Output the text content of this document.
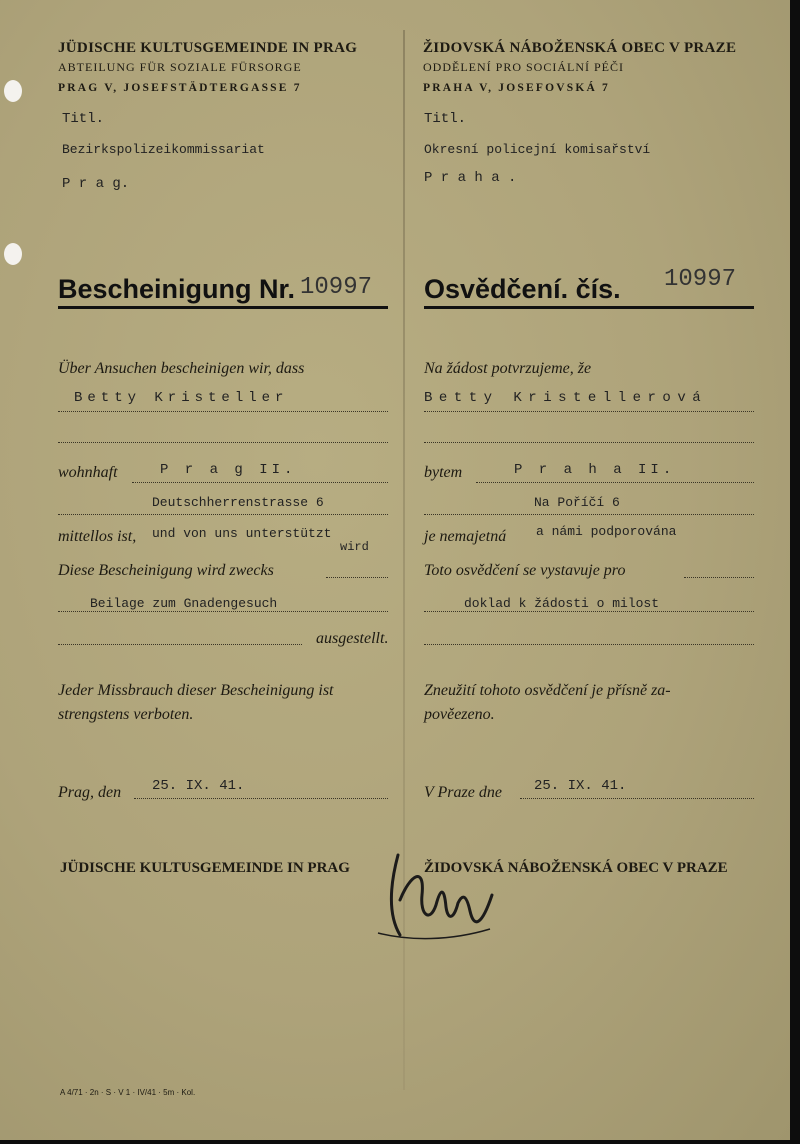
JÜDISCHE KULTUSGEMEINDE IN PRAG
ABTEILUNG FÜR SOZIALE FÜRSORGE
PRAG V, JOSEFSTÄDTERGASSE 7
Titl.
Bezirkspolizeikommissariat
P r a g.
ŽIDOVSKÁ NÁBOŽENSKÁ OBEC V PRAZE
ODDĚLENÍ PRO SOCIÁLNÍ PÉČI
PRAHA V, JOSEFOVSKÁ 7
Titl.
Okresní policejní komisařství
P r a h a .
Bescheinigung Nr. 10997 Osvědčení. čís. 10997
Über Ansuchen bescheinigen wir, dass
Betty Kristeller
Na žádost potvrzujeme, že
Betty Kristellerová
wohnhaft	P r a g II.
Deutschherrenstrasse 6
bytem	P r a h a II.
Na Poříčí 6
mittellos ist, und von uns unterstützt
wird
je nemajetná a námi podporována
Diese Bescheinigung wird zwecks
Beilage zum Gnadengesuch
ausgestellt.
Toto osvědčení se vystavuje pro
doklad k žádosti o milost
Jeder Missbrauch dieser Bescheinigung ist
strengstens verboten.
Zneužití tohoto osvědčení je přísně za-
pověezeno.
Prag, den 25. IX. 41.	V Praze dne 25. IX. 41.
JÜDISCHE KULTUSGEMEINDE IN PRAG	ŽIDOVSKÁ NÁBOŽENSKÁ OBEC V PRAZE
A 4/71 · 2n · S · V 1 · IV/41 · 5m · Kol.
